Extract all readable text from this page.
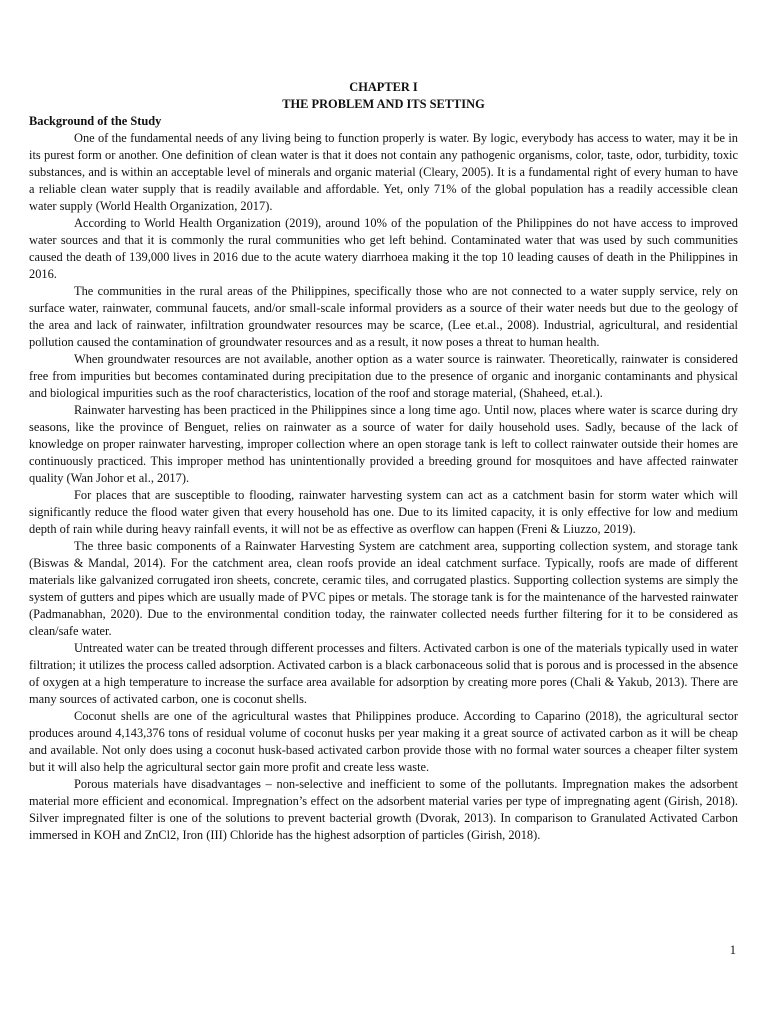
CHAPTER I
THE PROBLEM AND ITS SETTING
Background of the Study

One of the fundamental needs of any living being to function properly is water. By logic, everybody has access to water, may it be in its purest form or another. One definition of clean water is that it does not contain any pathogenic organisms, color, taste, odor, turbidity, toxic substances, and is within an acceptable level of minerals and organic material (Cleary, 2005). It is a fundamental right of every human to have a reliable clean water supply that is readily available and affordable. Yet, only 71% of the global population has a readily accessible clean water supply (World Health Organization, 2017).

According to World Health Organization (2019), around 10% of the population of the Philippines do not have access to improved water sources and that it is commonly the rural communities who get left behind. Contaminated water that was used by such communities caused the death of 139,000 lives in 2016 due to the acute watery diarrhoea making it the top 10 leading causes of death in the Philippines in 2016.

The communities in the rural areas of the Philippines, specifically those who are not connected to a water supply service, rely on surface water, rainwater, communal faucets, and/or small-scale informal providers as a source of their water needs but due to the geology of the area and lack of rainwater, infiltration groundwater resources may be scarce, (Lee et.al., 2008). Industrial, agricultural, and residential pollution caused the contamination of groundwater resources and as a result, it now poses a threat to human health.

When groundwater resources are not available, another option as a water source is rainwater. Theoretically, rainwater is considered free from impurities but becomes contaminated during precipitation due to the presence of organic and inorganic contaminants and physical and biological impurities such as the roof characteristics, location of the roof and storage material, (Shaheed, et.al.).

Rainwater harvesting has been practiced in the Philippines since a long time ago. Until now, places where water is scarce during dry seasons, like the province of Benguet, relies on rainwater as a source of water for daily household uses. Sadly, because of the lack of knowledge on proper rainwater harvesting, improper collection where an open storage tank is left to collect rainwater outside their homes are continuously practiced. This improper method has unintentionally provided a breeding ground for mosquitoes and have affected rainwater quality (Wan Johor et al., 2017).

For places that are susceptible to flooding, rainwater harvesting system can act as a catchment basin for storm water which will significantly reduce the flood water given that every household has one. Due to its limited capacity, it is only effective for low and medium depth of rain while during heavy rainfall events, it will not be as effective as overflow can happen (Freni & Liuzzo, 2019).

The three basic components of a Rainwater Harvesting System are catchment area, supporting collection system, and storage tank (Biswas & Mandal, 2014). For the catchment area, clean roofs provide an ideal catchment surface. Typically, roofs are made of different materials like galvanized corrugated iron sheets, concrete, ceramic tiles, and corrugated plastics. Supporting collection systems are simply the system of gutters and pipes which are usually made of PVC pipes or metals. The storage tank is for the maintenance of the harvested rainwater (Padmanabhan, 2020). Due to the environmental condition today, the rainwater collected needs further filtering for it to be considered as clean/safe water.

Untreated water can be treated through different processes and filters. Activated carbon is one of the materials typically used in water filtration; it utilizes the process called adsorption. Activated carbon is a black carbonaceous solid that is porous and is processed in the absence of oxygen at a high temperature to increase the surface area available for adsorption by creating more pores (Chali & Yakub, 2013). There are many sources of activated carbon, one is coconut shells.

Coconut shells are one of the agricultural wastes that Philippines produce. According to Caparino (2018), the agricultural sector produces around 4,143,376 tons of residual volume of coconut husks per year making it a great source of activated carbon as it will be cheap and available. Not only does using a coconut husk-based activated carbon provide those with no formal water sources a cheaper filter system but it will also help the agricultural sector gain more profit and create less waste.

Porous materials have disadvantages – non-selective and inefficient to some of the pollutants. Impregnation makes the adsorbent material more efficient and economical. Impregnation’s effect on the adsorbent material varies per type of impregnating agent (Girish, 2018). Silver impregnated filter is one of the solutions to prevent bacterial growth (Dvorak, 2013). In comparison to Granulated Activated Carbon immersed in KOH and ZnCl2, Iron (III) Chloride has the highest adsorption of particles (Girish, 2018).

1
